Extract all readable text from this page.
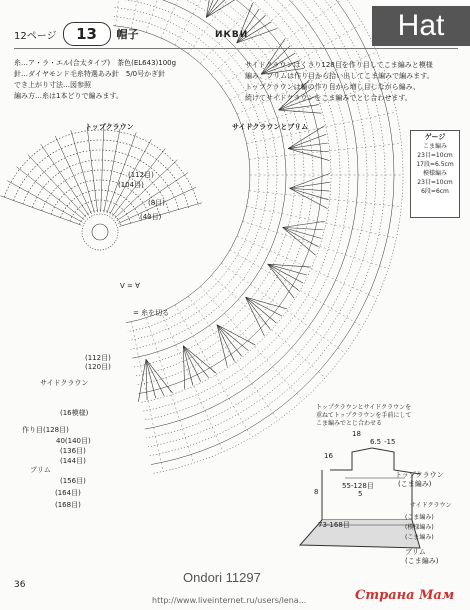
12ページ	13	帽子	ИКВИ	Hat
糸…ア・ラ・エル(合太タイプ)　茶色(EL643)100g
針…ダイヤモンド毛糸特選あみ針　5/0号かぎ針
でき上がり寸法…図参照
編み方…糸は1本どりで編みます。
サイドクラウンはくさり128目を作り目してこま編みと模様
編み、ブリムは作り目から拾い出してこま編みで編みます。
トップクラウンは輪の作り目から増し目しながら編み、
続けてサイドクラウンをこま編みでとじ合わせます。
トップクラウン
(112目)
(104目)
(8目)
(40目)
V = ∀
= 糸を切る
サイドクラウンとブリム
(112目)
(120目)
サイドクラウン
(16模様)
作り目(128目)
40(140目)
(136目)
(144目)
ブリム
(156目)
(164目)
(168目)
ゲージ
こま編み
23目=10cm
17段=6.5cm
模様編み
23目=10cm
6段=6cm
トップクラウンとサイドクラウンを
重ねてトップクラウンを手前にして
こま編みでとじ合わせる
18
6.5 -15
16
8
55-128目
5
73-168目
トップクラウン
(こま編み)
サイドクラウン
(こま編み)
(模様編み)
(こま編み)
ブリム
(こま編み)
36	Ondori 11297
http://www.liveinternet.ru/users/lena...	Страна Мам
